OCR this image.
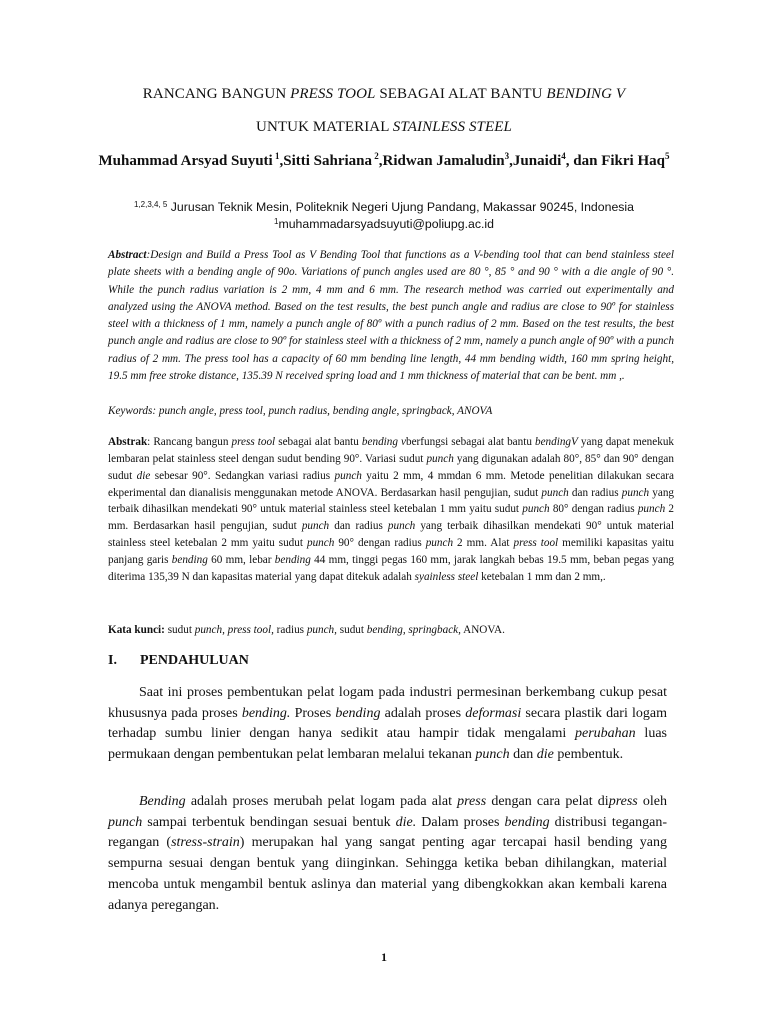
RANCANG BANGUN PRESS TOOL SEBAGAI ALAT BANTU BENDING V
UNTUK MATERIAL STAINLESS STEEL
Muhammad Arsyad Suyuti $^1$,Sitti Sahriana $^2$,Ridwan Jamaludin$^3$,Junaidi$^4$, dan Fikri Haq$^5$
$^{1,2,3,4, 5}$ Jurusan Teknik Mesin, Politeknik Negeri Ujung Pandang, Makassar 90245, Indonesia
$^1$muhammadarsyadsuyuti@poliupg.ac.id
Abstract:Design and Build a Press Tool as V Bending Tool that functions as a V-bending tool that can bend stainless steel plate sheets with a bending angle of 90o. Variations of punch angles used are 80 °, 85 ° and 90 ° with a die angle of 90 °. While the punch radius variation is 2 mm, 4 mm and 6 mm. The research method was carried out experimentally and analyzed using the ANOVA method. Based on the test results, the best punch angle and radius are close to 90º for stainless steel with a thickness of 1 mm, namely a punch angle of 80º with a punch radius of 2 mm. Based on the test results, the best punch angle and radius are close to 90º for stainless steel with a thickness of 2 mm, namely a punch angle of 90º with a punch radius of 2 mm. The press tool has a capacity of 60 mm bending line length, 44 mm bending width, 160 mm spring height, 19.5 mm free stroke distance, 135.39 N received spring load and 1 mm thickness of material that can be bent. mm ,.
Keywords: punch angle, press tool, punch radius, bending angle, springback, ANOVA
Abstrak: Rancang bangun press tool sebagai alat bantu bending vberfungsi sebagai alat bantu bendingV yang dapat menekuk lembaran pelat stainless steel dengan sudut bending 90°. Variasi sudut punch yang digunakan adalah 80°, 85° dan 90° dengan sudut die sebesar 90°. Sedangkan variasi radius punch yaitu 2 mm, 4 mmdan 6 mm. Metode penelitian dilakukan secara ekperimental dan dianalisis menggunakan metode ANOVA. Berdasarkan hasil pengujian, sudut punch dan radius punch yang terbaik dihasilkan mendekati 90° untuk material stainless steel ketebalan 1 mm yaitu sudut punch 80° dengan radius punch 2 mm. Berdasarkan hasil pengujian, sudut punch dan radius punch yang terbaik dihasilkan mendekati 90° untuk material stainless steel ketebalan 2 mm yaitu sudut punch 90° dengan radius punch 2 mm. Alat press tool memiliki kapasitas yaitu panjang garis bending 60 mm, lebar bending 44 mm, tinggi pegas 160 mm, jarak langkah bebas 19.5 mm, beban pegas yang diterima 135,39 N dan kapasitas material yang dapat ditekuk adalah syainless steel ketebalan 1 mm dan 2 mm,.
Kata kunci: sudut punch, press tool, radius punch, sudut bending, springback, ANOVA.
I. PENDAHULUAN
Saat ini proses pembentukan pelat logam pada industri permesinan berkembang cukup pesat khususnya pada proses bending. Proses bending adalah proses deformasi secara plastik dari logam terhadap sumbu linier dengan hanya sedikit atau hampir tidak mengalami perubahan luas permukaan dengan pembentukan pelat lembaran melalui tekanan punch dan die pembentuk.
Bending adalah proses merubah pelat logam pada alat press dengan cara pelat dipress oleh punch sampai terbentuk bendingan sesuai bentuk die. Dalam proses bending distribusi tegangan-regangan (stress-strain) merupakan hal yang sangat penting agar tercapai hasil bending yang sempurna sesuai dengan bentuk yang diinginkan. Sehingga ketika beban dihilangkan, material mencoba untuk mengambil bentuk aslinya dan material yang dibengkokkan akan kembali karena adanya peregangan.
1
